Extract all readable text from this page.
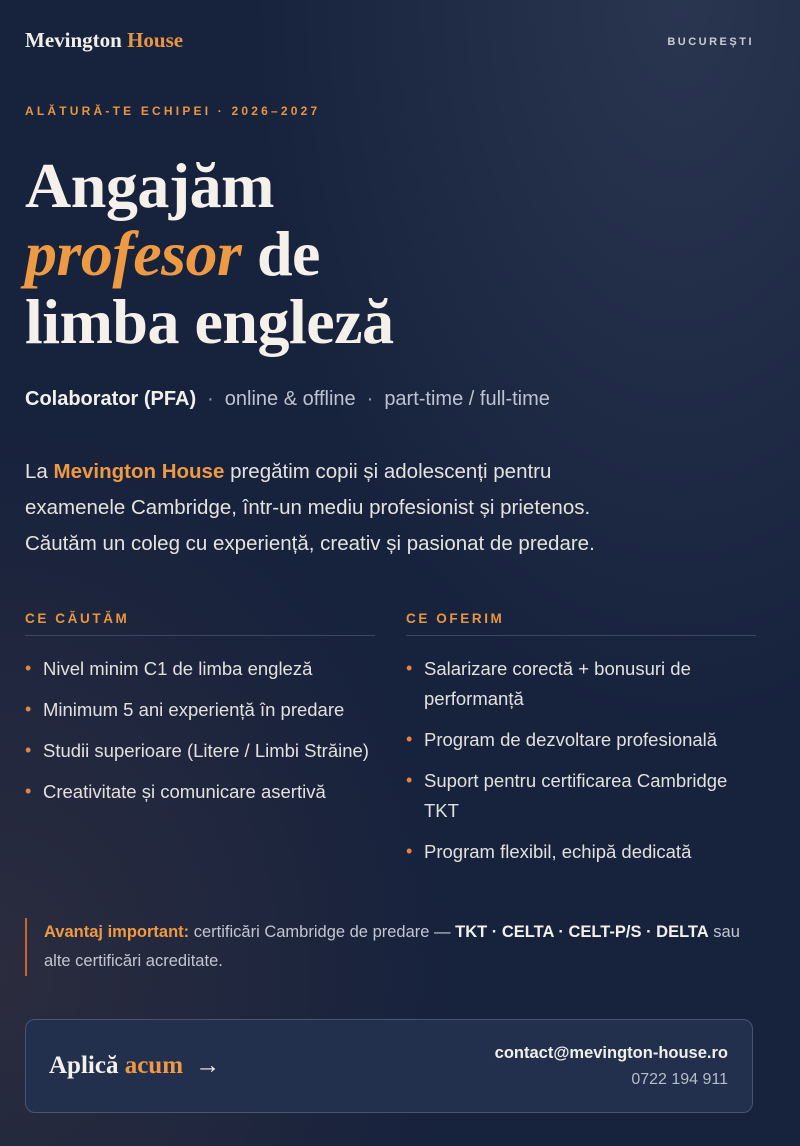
Mevington House	BUCUREȘTI
ALĂTURĂ-TE ECHIPEI · 2026–2027
Angajăm
profesor de
limba engleză
Colaborator (PFA) · online & offline · part-time / full-time

La Mevington House pregătim copii și adolescenți pentru
examenele Cambridge, într-un mediu profesionist și prietenos.
Căutăm un coleg cu experiență, creativ și pasionat de predare.

CE CĂUTĂM
• Nivel minim C1 de limba engleză
• Minimum 5 ani experiență în predare
• Studii superioare (Litere / Limbi Străine)
• Creativitate și comunicare asertivă
CE OFERIM
• Salarizare corectă + bonusuri de performanță
• Program de dezvoltare profesională
• Suport pentru certificarea Cambridge TKT
• Program flexibil, echipă dedicată
Avantaj important: certificări Cambridge de predare — TKT · CELTA · CELT-P/S · DELTA sau alte certificări acreditate.
Aplică acum →	contact@mevington-house.ro
0722 194 911
